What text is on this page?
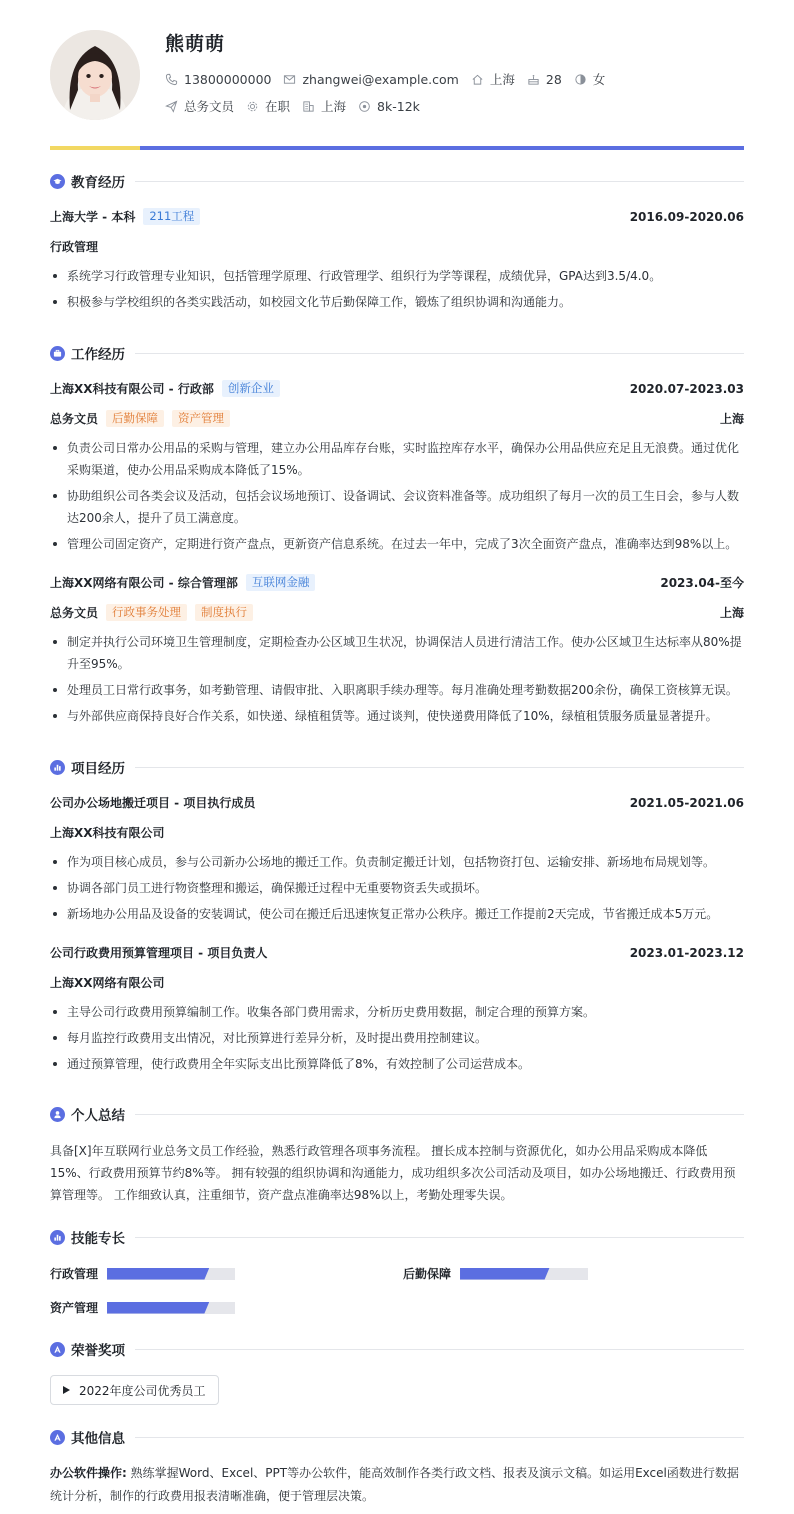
熊萌萌
13800000000 zhangwei@example.com 上海 28 女
总务文员 在职 上海 8k-12k
教育经历
上海大学 - 本科	211工程	2016.09-2020.06
行政管理
系统学习行政管理专业知识，包括管理学原理、行政管理学、组织行为学等课程，成绩优异，GPA达到3.5/4.0。
积极参与学校组织的各类实践活动，如校园文化节后勤保障工作，锻炼了组织协调和沟通能力。
工作经历
上海XX科技有限公司 - 行政部	创新企业	2020.07-2023.03
总务文员	后勤保障	资产管理	上海
负责公司日常办公用品的采购与管理，建立办公用品库存台账，实时监控库存水平，确保办公用品供应充足且无浪费。通过优化采购渠道，使办公用品采购成本降低了15%。
协助组织公司各类会议及活动，包括会议场地预订、设备调试、会议资料准备等。成功组织了每月一次的员工生日会，参与人数达200余人，提升了员工满意度。
管理公司固定资产，定期进行资产盘点，更新资产信息系统。在过去一年中，完成了3次全面资产盘点，准确率达到98%以上。
上海XX网络有限公司 - 综合管理部	互联网金融	2023.04-至今
总务文员	行政事务处理	制度执行	上海
制定并执行公司环境卫生管理制度，定期检查办公区域卫生状况，协调保洁人员进行清洁工作。使办公区域卫生达标率从80%提升至95%。
处理员工日常行政事务，如考勤管理、请假审批、入职离职手续办理等。每月准确处理考勤数据200余份，确保工资核算无误。
与外部供应商保持良好合作关系，如快递、绿植租赁等。通过谈判，使快递费用降低了10%，绿植租赁服务质量显著提升。
项目经历
公司办公场地搬迁项目 - 项目执行成员	2021.05-2021.06
上海XX科技有限公司
作为项目核心成员，参与公司新办公场地的搬迁工作。负责制定搬迁计划，包括物资打包、运输安排、新场地布局规划等。
协调各部门员工进行物资整理和搬运，确保搬迁过程中无重要物资丢失或损坏。
新场地办公用品及设备的安装调试，使公司在搬迁后迅速恢复正常办公秩序。搬迁工作提前2天完成，节省搬迁成本5万元。
公司行政费用预算管理项目 - 项目负责人	2023.01-2023.12
上海XX网络有限公司
主导公司行政费用预算编制工作。收集各部门费用需求，分析历史费用数据，制定合理的预算方案。
每月监控行政费用支出情况，对比预算进行差异分析，及时提出费用控制建议。
通过预算管理，使行政费用全年实际支出比预算降低了8%，有效控制了公司运营成本。
个人总结
具备[X]年互联网行业总务文员工作经验，熟悉行政管理各项事务流程。 擅长成本控制与资源优化，如办公用品采购成本降低15%、行政费用预算节约8%等。 拥有较强的组织协调和沟通能力，成功组织多次公司活动及项目，如办公场地搬迁、行政费用预算管理等。 工作细致认真，注重细节，资产盘点准确率达98%以上，考勤处理零失误。
技能专长
行政管理	后勤保障
资产管理
荣誉奖项
2022年度公司优秀员工
其他信息
办公软件操作: 熟练掌握Word、Excel、PPT等办公软件，能高效制作各类行政文档、报表及演示文稿。如运用Excel函数进行数据统计分析，制作的行政费用报表清晰准确，便于管理层决策。
